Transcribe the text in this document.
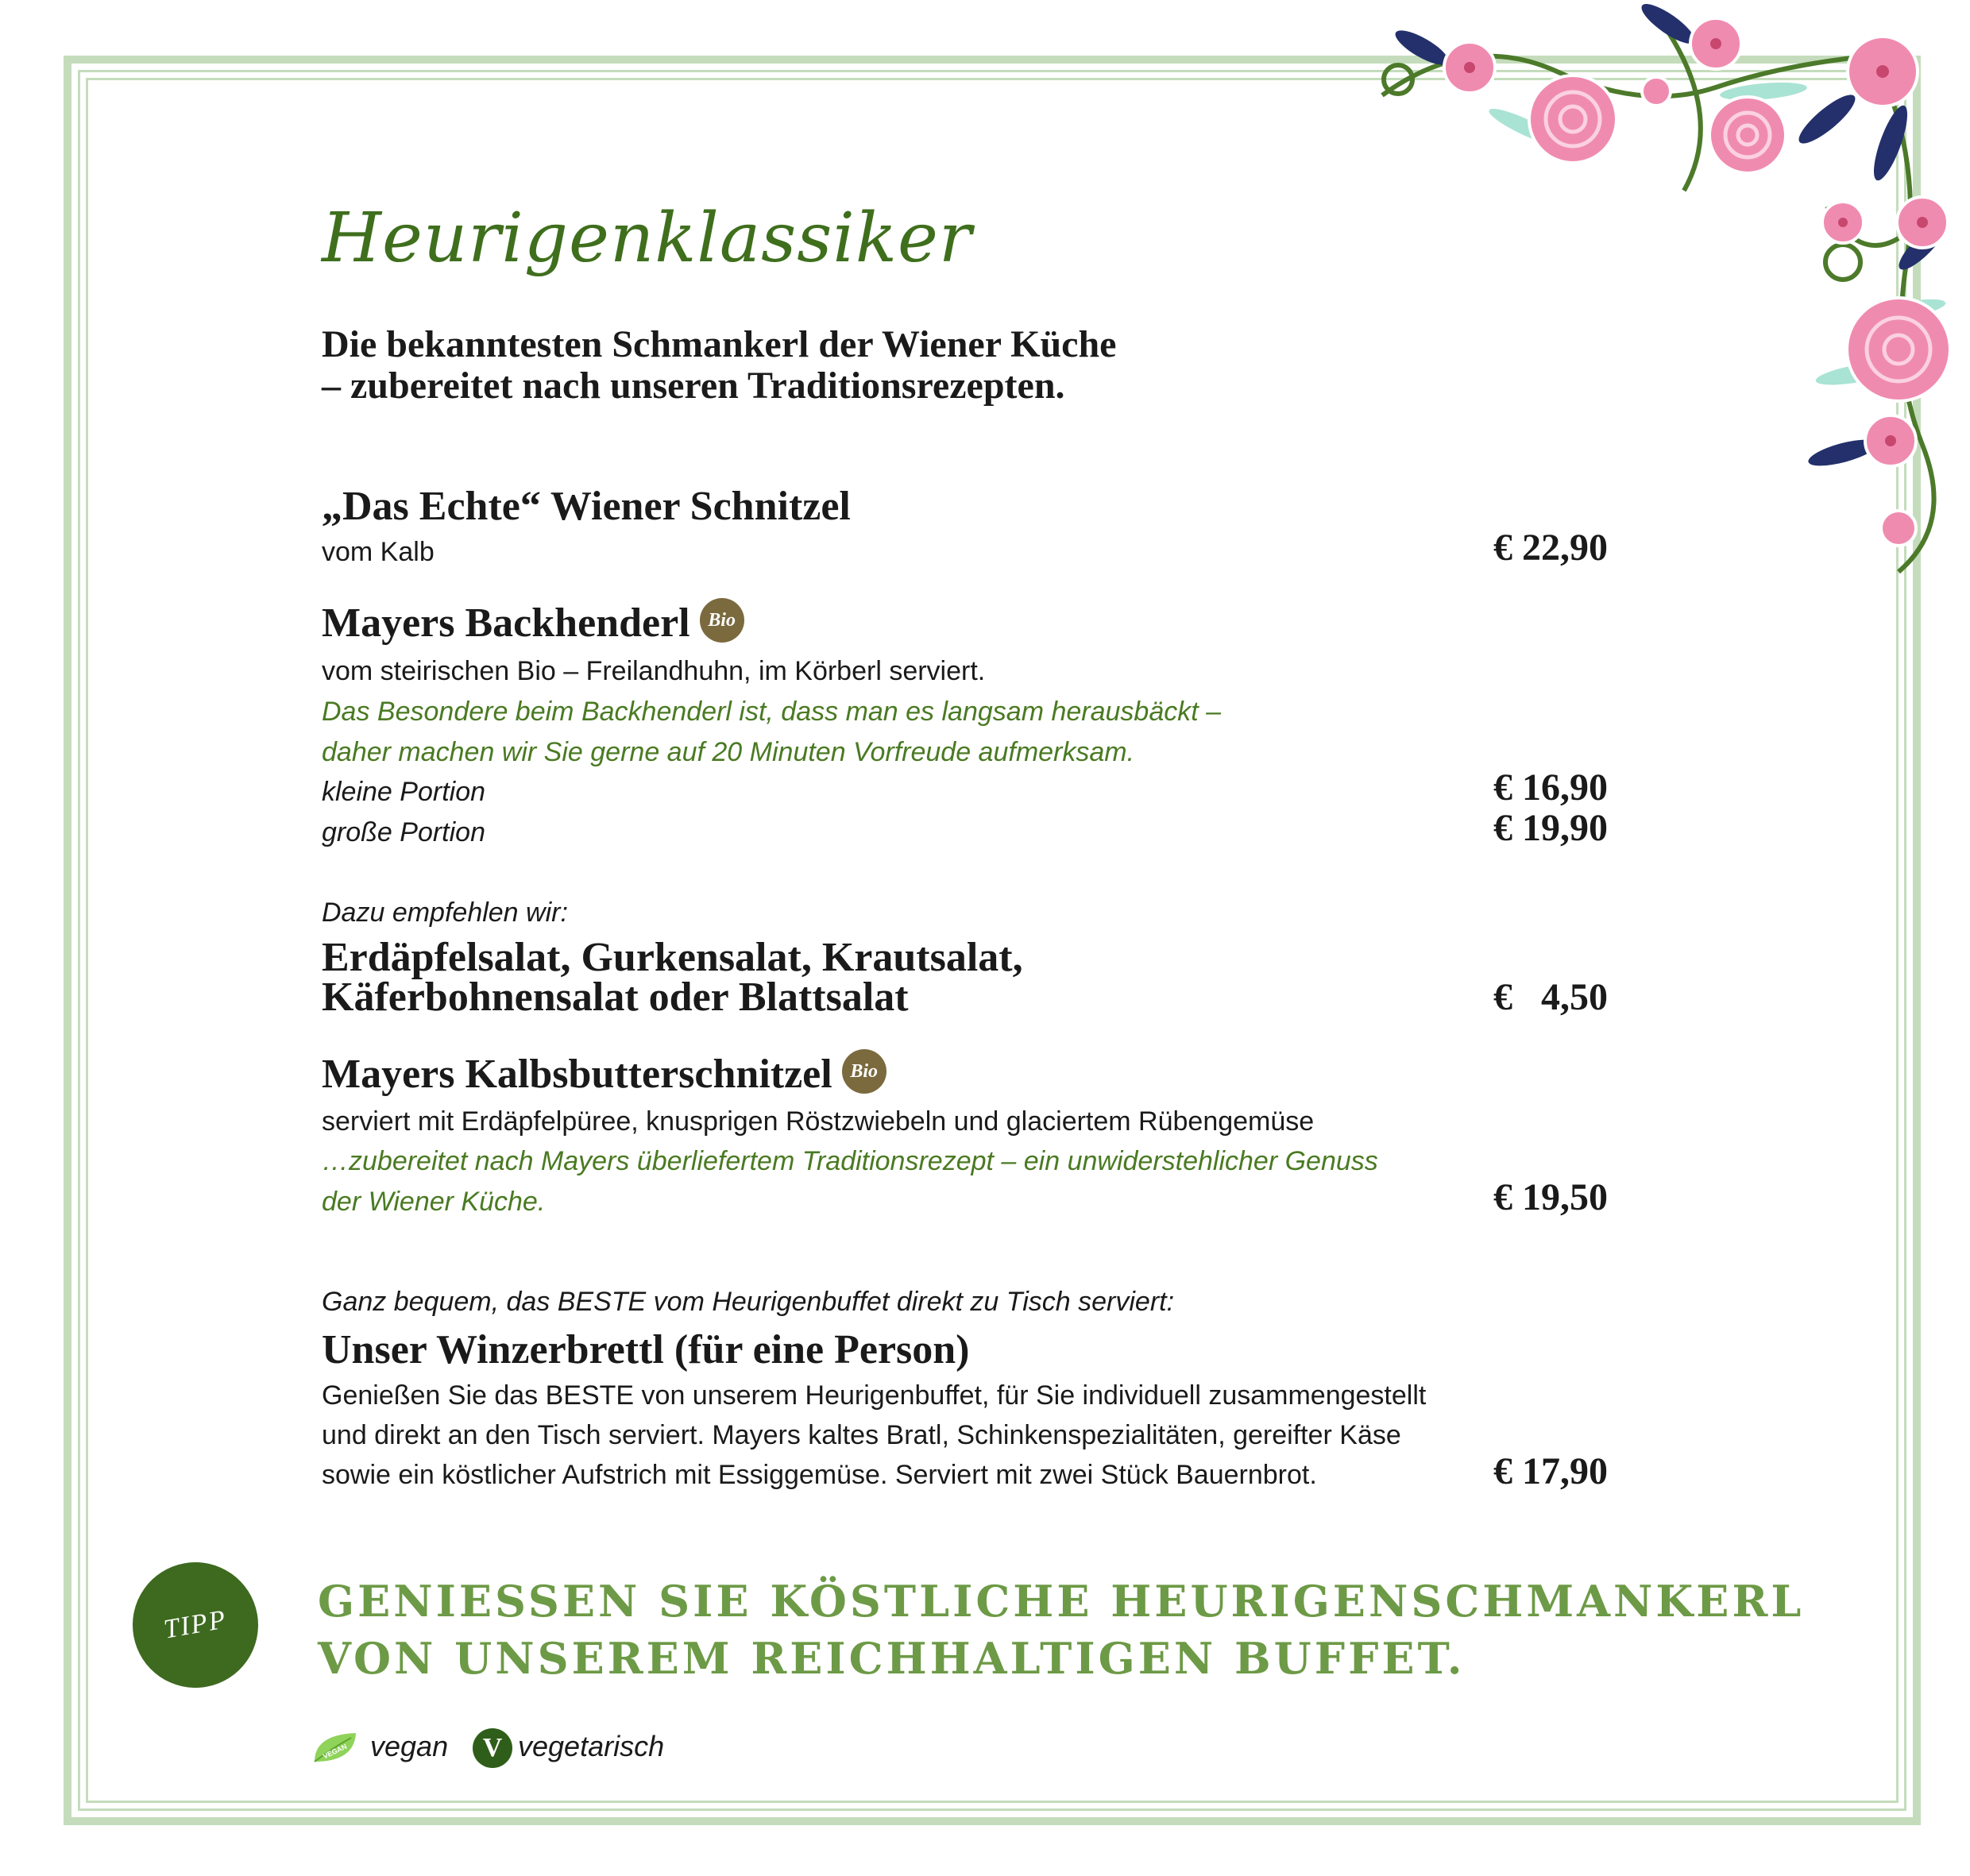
Heurigenklassiker
Die bekanntesten Schmankerl der Wiener Küche
– zubereitet nach unseren Traditionsrezepten.
„Das Echte“ Wiener Schnitzel
vom Kalb	€ 22,90
Mayers Backhenderl Bio
vom steirischen Bio – Freilandhuhn, im Körberl serviert.
Das Besondere beim Backhenderl ist, dass man es langsam herausbäckt –
daher machen wir Sie gerne auf 20 Minuten Vorfreude aufmerksam.
kleine Portion	€ 16,90
große Portion	€ 19,90
Dazu empfehlen wir:
Erdäpfelsalat, Gurkensalat, Krautsalat,
Käferbohnensalat oder Blattsalat	€   4,50
Mayers Kalbsbutterschnitzel Bio
serviert mit Erdäpfelpüree, knusprigen Röstzwiebeln und glaciertem Rübengemüse
…zubereitet nach Mayers überliefertem Traditionsrezept – ein unwiderstehlicher Genuss
der Wiener Küche.	€ 19,50
Ganz bequem, das BESTE vom Heurigenbuffet direkt zu Tisch serviert:
Unser Winzerbrettl (für eine Person)
Genießen Sie das BESTE von unserem Heurigenbuffet, für Sie individuell zusammengestellt
und direkt an den Tisch serviert. Mayers kaltes Bratl, Schinkenspezialitäten, gereifter Käse
sowie ein köstlicher Aufstrich mit Essiggemüse. Serviert mit zwei Stück Bauernbrot.	€ 17,90
TIPP	GENIESSEN SIE KÖSTLICHE HEURIGENSCHMANKERL
VON UNSEREM REICHHALTIGEN BUFFET.
VEGAN vegan	V vegetarisch
